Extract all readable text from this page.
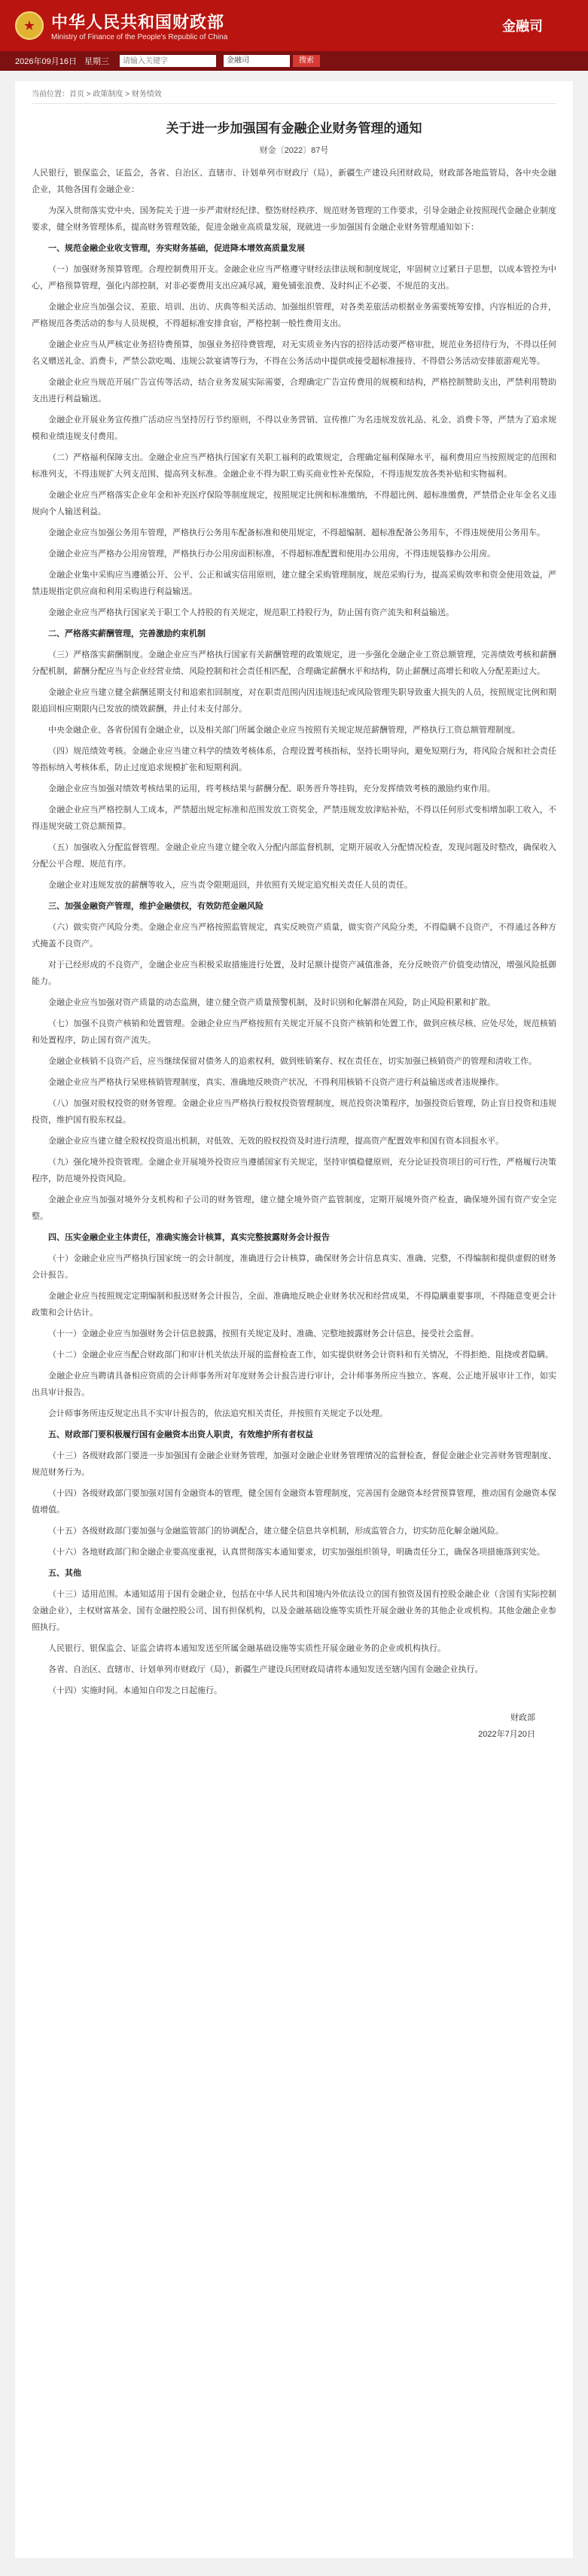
★ 中华人民共和国财政部
Ministry of Finance of the People's Republic of China
金融司
2026年09月16日 星期三
请输入关键字	金融司	搜索
当前位置：首页 > 政策制度 > 财务绩效
关于进一步加强国有金融企业财务管理的通知
财金〔2022〕87号

人民银行，银保监会，证监会，各省、自治区、直辖市、计划单列市财政厅（局），新疆生产建设兵团财政局，财政部各地监管局，各中央金融企业，其他各国有金融企业：

为深入贯彻落实党中央、国务院关于进一步严肃财经纪律、整饬财经秩序、规范财务管理的工作要求，引导金融企业按照现代金融企业制度要求，健全财务管理体系，提高财务管理效能，促进金融业高质量发展，现就进一步加强国有金融企业财务管理通知如下：

一、规范金融企业收支管理，夯实财务基础，促进降本增效高质量发展

（一）加强财务预算管理。合理控制费用开支。金融企业应当严格遵守财经法律法规和制度规定，牢固树立过紧日子思想，以成本管控为中心，严格预算管理，强化内部控制，对非必要费用支出应减尽减，避免铺张浪费、及时纠正不必要、不规范的支出。

金融企业应当加强会议、差旅、培训、出访、庆典等相关活动、加强组织管理，对各类差旅活动根据业务需要统筹安排，内容相近的合并，严格规范各类活动的参与人员规模，不得超标准安排食宿，严格控制一般性费用支出。

金融企业应当从严核定业务招待费预算，加强业务招待费管理，对无实质业务内容的招待活动要严格审批，规范业务招待行为，不得以任何名义赠送礼金、消费卡，严禁公款吃喝、违规公款宴请等行为，不得在公务活动中提供或接受超标准接待、不得借公务活动安排旅游观光等。

金融企业应当规范开展广告宣传等活动，结合业务发展实际需要，合理确定广告宣传费用的规模和结构，严格控制赞助支出，严禁利用赞助支出进行利益输送。

金融企业开展业务宣传推广活动应当坚持厉行节约原则，不得以业务营销、宣传推广为名违规发放礼品、礼金、消费卡等，严禁为了追求规模和业绩违规支付费用。

（二）严格福利保障支出。金融企业应当严格执行国家有关职工福利的政策规定，合理确定福利保障水平，福利费用应当按照规定的范围和标准列支，不得违规扩大列支范围、提高列支标准。金融企业不得为职工购买商业性补充保险，不得违规发放各类补贴和实物福利。

金融企业应当严格落实企业年金和补充医疗保险等制度规定，按照规定比例和标准缴纳，不得超比例、超标准缴费，严禁借企业年金名义违规向个人输送利益。

金融企业应当加强公务用车管理，严格执行公务用车配备标准和使用规定，不得超编制、超标准配备公务用车，不得违规使用公务用车。

金融企业应当严格办公用房管理，严格执行办公用房面积标准，不得超标准配置和使用办公用房，不得违规装修办公用房。

金融企业集中采购应当遵循公开、公平、公正和诚实信用原则，建立健全采购管理制度，规范采购行为，提高采购效率和资金使用效益，严禁违规指定供应商和利用采购进行利益输送。

金融企业应当严格执行国家关于职工个人持股的有关规定，规范职工持股行为，防止国有资产流失和利益输送。

二、严格落实薪酬管理，完善激励约束机制

（三）严格落实薪酬制度。金融企业应当严格执行国家有关薪酬管理的政策规定，进一步强化金融企业工资总额管理，完善绩效考核和薪酬分配机制，薪酬分配应当与企业经营业绩、风险控制和社会责任相匹配，合理确定薪酬水平和结构，防止薪酬过高增长和收入分配差距过大。

金融企业应当建立健全薪酬延期支付和追索扣回制度，对在职责范围内因违规违纪或风险管理失职导致重大损失的人员，按照规定比例和期限追回相应期限内已发放的绩效薪酬，并止付未支付部分。

中央金融企业、各省份国有金融企业，以及相关部门所属金融企业应当按照有关规定规范薪酬管理，严格执行工资总额管理制度。

（四）规范绩效考核。金融企业应当建立科学的绩效考核体系，合理设置考核指标，坚持长期导向，避免短期行为，将风险合规和社会责任等指标纳入考核体系，防止过度追求规模扩张和短期利润。

金融企业应当加强对绩效考核结果的运用，将考核结果与薪酬分配、职务晋升等挂钩，充分发挥绩效考核的激励约束作用。

金融企业应当严格控制人工成本，严禁超出规定标准和范围发放工资奖金，严禁违规发放津贴补贴，不得以任何形式变相增加职工收入，不得违规突破工资总额预算。

（五）加强收入分配监督管理。金融企业应当建立健全收入分配内部监督机制，定期开展收入分配情况检查，发现问题及时整改，确保收入分配公平合理、规范有序。

金融企业对违规发放的薪酬等收入，应当责令限期退回，并依照有关规定追究相关责任人员的责任。

三、加强金融资产管理，维护金融债权，有效防范金融风险

（六）做实资产风险分类。金融企业应当严格按照监管规定，真实反映资产质量，做实资产风险分类，不得隐瞒不良资产，不得通过各种方式掩盖不良资产。

对于已经形成的不良资产，金融企业应当积极采取措施进行处置，及时足额计提资产减值准备，充分反映资产价值变动情况，增强风险抵御能力。

金融企业应当加强对资产质量的动态监测，建立健全资产质量预警机制，及时识别和化解潜在风险，防止风险积累和扩散。

（七）加强不良资产核销和处置管理。金融企业应当严格按照有关规定开展不良资产核销和处置工作，做到应核尽核、应处尽处，规范核销和处置程序，防止国有资产流失。

金融企业核销不良资产后，应当继续保留对债务人的追索权利，做到账销案存、权在责任在，切实加强已核销资产的管理和清收工作。

金融企业应当严格执行呆账核销管理制度，真实、准确地反映资产状况，不得利用核销不良资产进行利益输送或者违规操作。

（八）加强对股权投资的财务管理。金融企业应当严格执行股权投资管理制度，规范投资决策程序，加强投资后管理，防止盲目投资和违规投资，维护国有股东权益。

金融企业应当建立健全股权投资退出机制，对低效、无效的股权投资及时进行清理，提高资产配置效率和国有资本回报水平。

（九）强化境外投资管理。金融企业开展境外投资应当遵循国家有关规定，坚持审慎稳健原则，充分论证投资项目的可行性，严格履行决策程序，防范境外投资风险。

金融企业应当加强对境外分支机构和子公司的财务管理，建立健全境外资产监管制度，定期开展境外资产检查，确保境外国有资产安全完整。

四、压实金融企业主体责任，准确实施会计核算，真实完整披露财务会计报告

（十）金融企业应当严格执行国家统一的会计制度，准确进行会计核算，确保财务会计信息真实、准确、完整，不得编制和提供虚假的财务会计报告。

金融企业应当按照规定定期编制和报送财务会计报告，全面、准确地反映企业财务状况和经营成果，不得隐瞒重要事项，不得随意变更会计政策和会计估计。

（十一）金融企业应当加强财务会计信息披露，按照有关规定及时、准确、完整地披露财务会计信息，接受社会监督。

（十二）金融企业应当配合财政部门和审计机关依法开展的监督检查工作，如实提供财务会计资料和有关情况，不得拒绝、阻挠或者隐瞒。

金融企业应当聘请具备相应资质的会计师事务所对年度财务会计报告进行审计，会计师事务所应当独立、客观、公正地开展审计工作，如实出具审计报告。

会计师事务所违反规定出具不实审计报告的，依法追究相关责任，并按照有关规定予以处理。

五、财政部门要积极履行国有金融资本出资人职责，有效维护所有者权益

（十三）各级财政部门要进一步加强国有金融企业财务管理，加强对金融企业财务管理情况的监督检查，督促金融企业完善财务管理制度、规范财务行为。

（十四）各级财政部门要加强对国有金融资本的管理，健全国有金融资本管理制度，完善国有金融资本经营预算管理，推动国有金融资本保值增值。

（十五）各级财政部门要加强与金融监管部门的协调配合，建立健全信息共享机制，形成监管合力，切实防范化解金融风险。

（十六）各地财政部门和金融企业要高度重视，认真贯彻落实本通知要求，切实加强组织领导，明确责任分工，确保各项措施落到实处。

五、其他

（十三）适用范围。本通知适用于国有金融企业，包括在中华人民共和国境内外依法设立的国有独资及国有控股金融企业（含国有实际控制金融企业），主权财富基金、国有金融控股公司、国有担保机构，以及金融基础设施等实质性开展金融业务的其他企业或机构。其他金融企业参照执行。

人民银行、银保监会、证监会请将本通知发送至所属金融基础设施等实质性开展金融业务的企业或机构执行。

各省、自治区、直辖市、计划单列市财政厅（局），新疆生产建设兵团财政局请将本通知发送至辖内国有金融企业执行。

（十四）实施时间。本通知自印发之日起施行。

财政部
2022年7月20日
